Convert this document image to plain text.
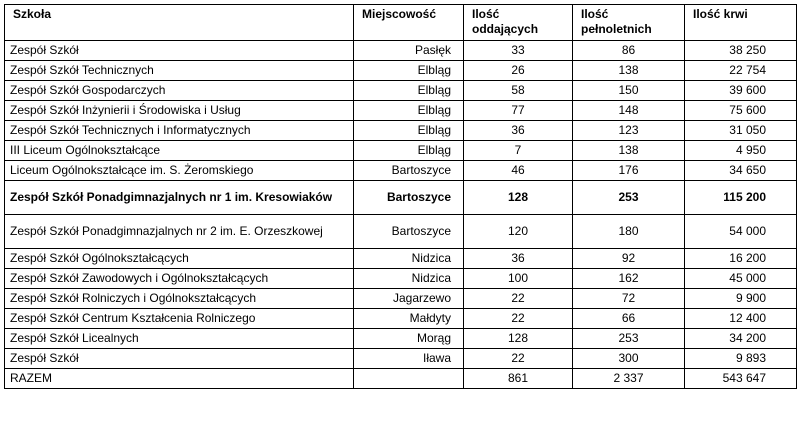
Szkoła	Miejscowość	Ilość oddających	Ilość pełnoletnich	Ilość krwi
Zespół Szkół	Pasłęk	33	86	38 250
Zespół Szkół Technicznych	Elbląg	26	138	22 754
Zespół Szkół Gospodarczych	Elbląg	58	150	39 600
Zespół Szkół Inżynierii i Środowiska i Usług	Elbląg	77	148	75 600
Zespół Szkół Technicznych i Informatycznych	Elbląg	36	123	31 050
III Liceum Ogólnokształcące	Elbląg	7	138	4 950
Liceum Ogólnokształcące im. S. Żeromskiego	Bartoszyce	46	176	34 650
Zespół Szkół Ponadgimnazjalnych nr 1 im. Kresowiaków	Bartoszyce	128	253	115 200
Zespół Szkół Ponadgimnazjalnych nr 2 im. E. Orzeszkowej	Bartoszyce	120	180	54 000
Zespół Szkół Ogólnokształcących	Nidzica	36	92	16 200
Zespół Szkół Zawodowych i Ogólnokształcących	Nidzica	100	162	45 000
Zespół Szkół Rolniczych i Ogólnokształcących	Jagarzewo	22	72	9 900
Zespół Szkół Centrum Kształcenia Rolniczego	Małdyty	22	66	12 400
Zespół Szkół Licealnych	Morąg	128	253	34 200
Zespół Szkół	Iława	22	300	9 893
RAZEM		861	2 337	543 647
